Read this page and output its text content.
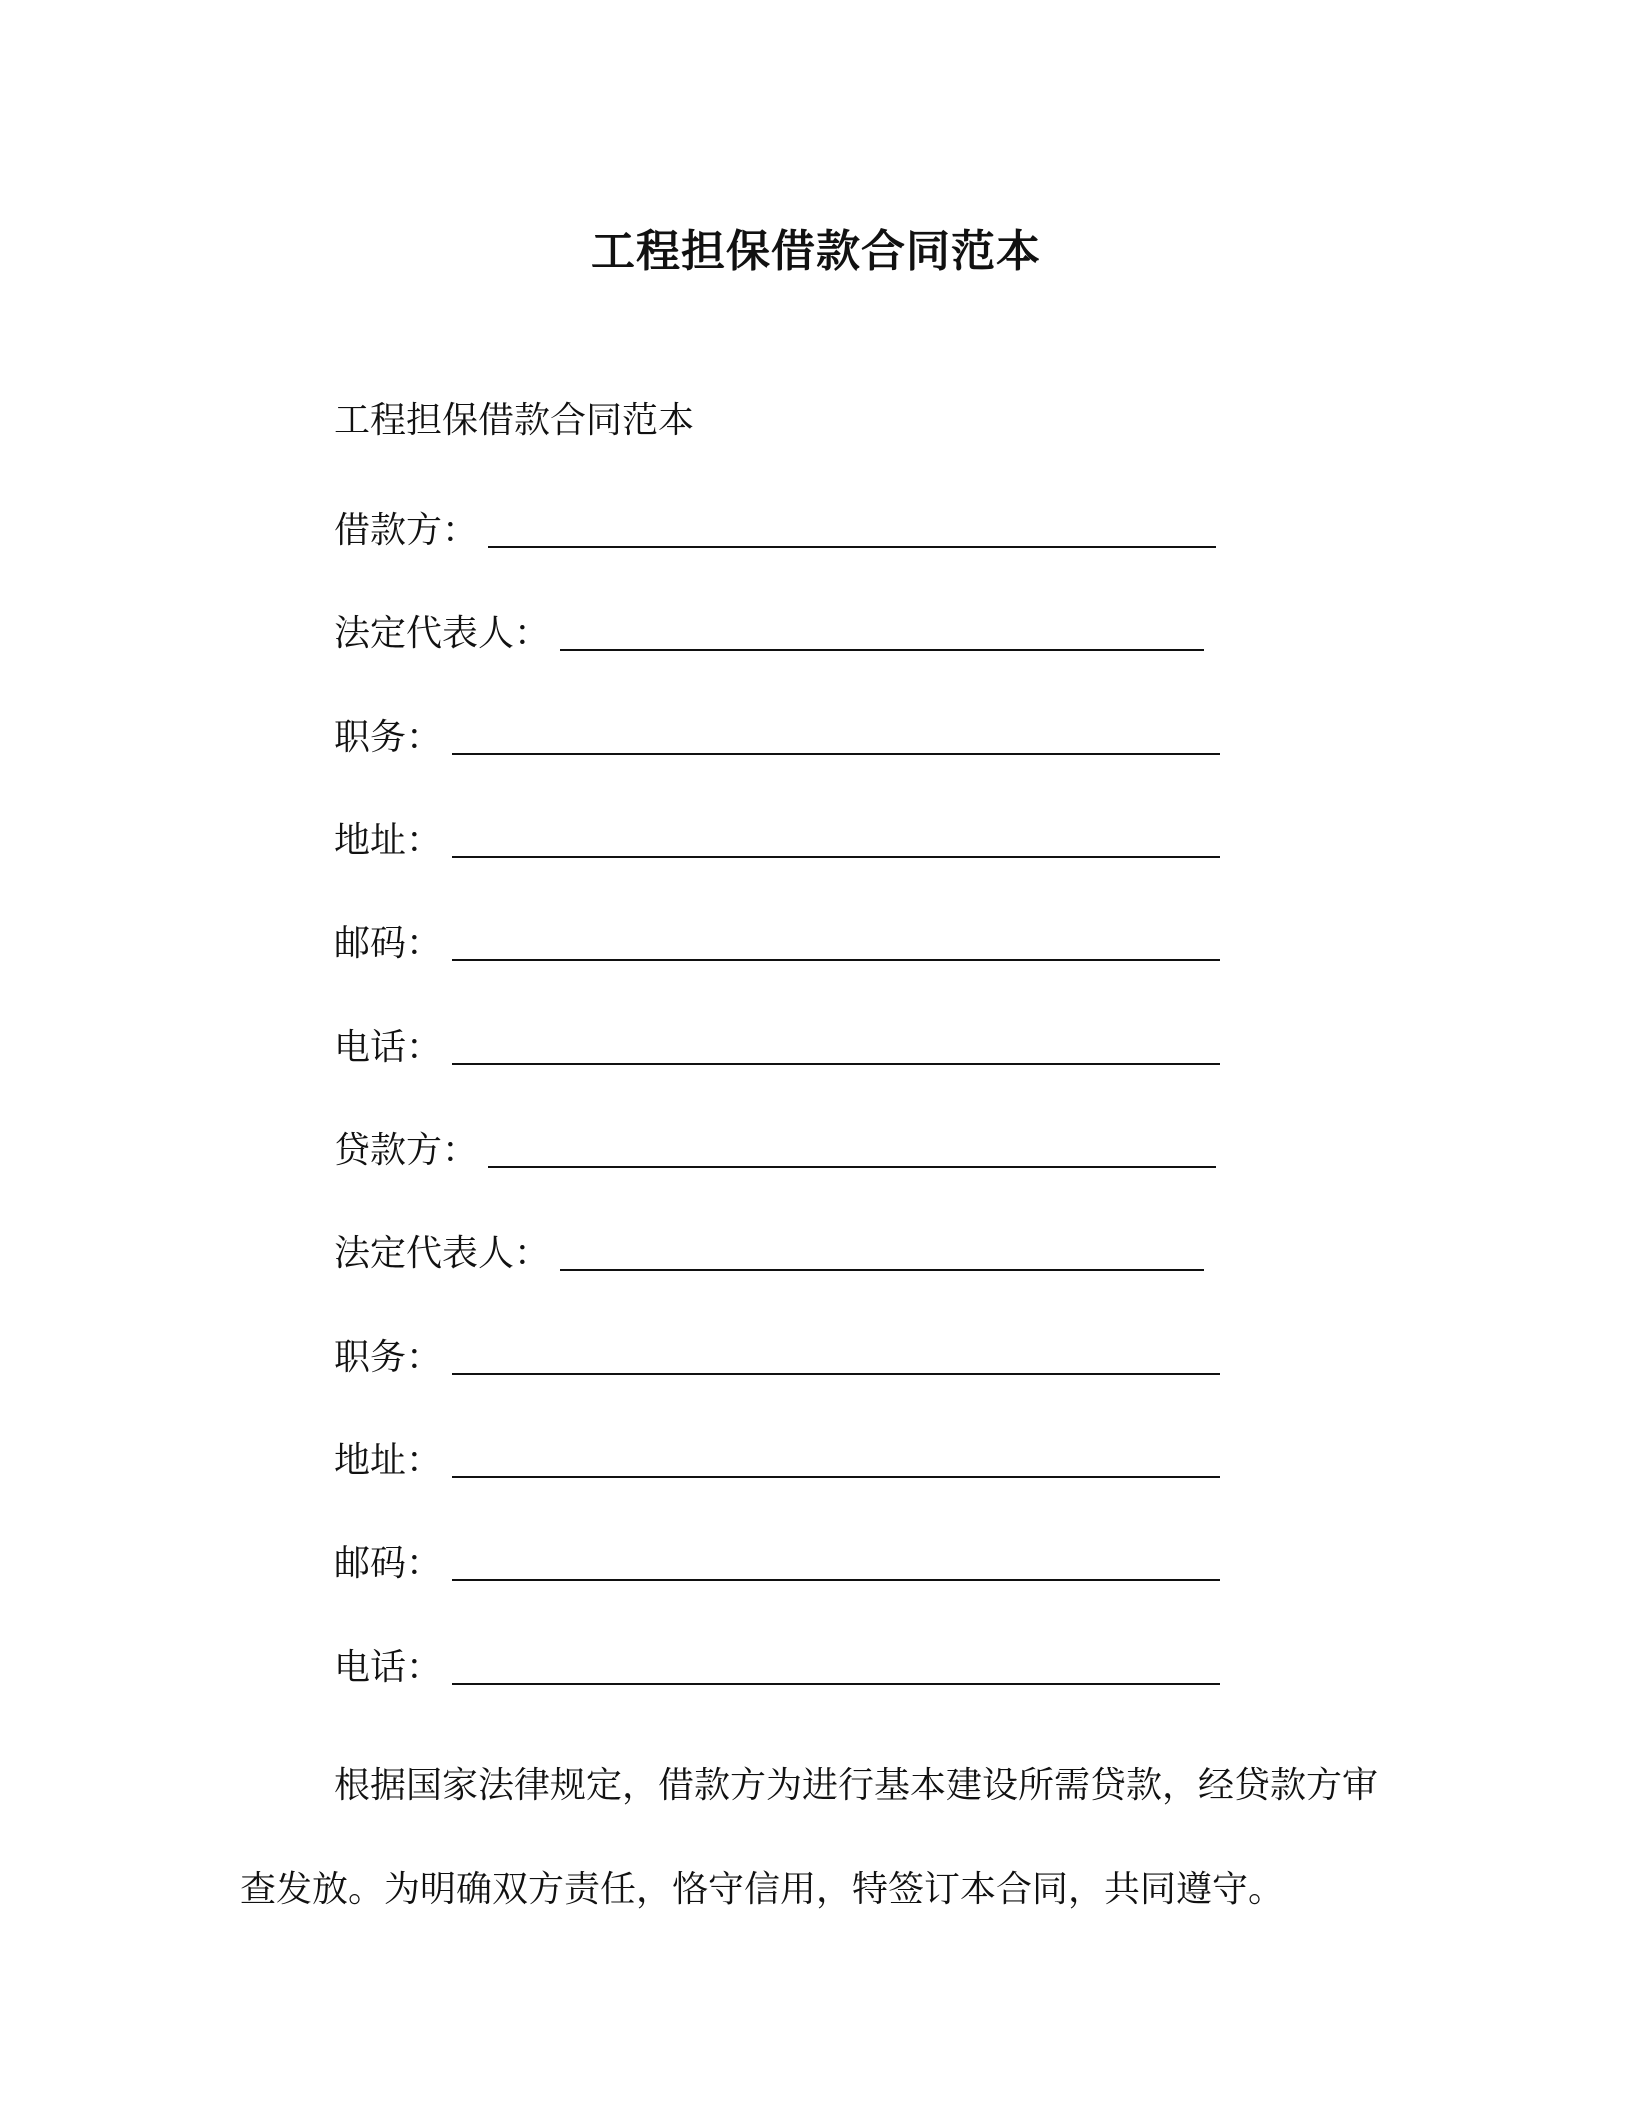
工程担保借款合同范本
工程担保借款合同范本
借款方：
法定代表人：
职务：
地址：
邮码：
电话：
贷款方：
法定代表人：
职务：
地址：
邮码：
电话：
根据国家法律规定，借款方为进行基本建设所需贷款，经贷款方审查发放。为明确双方责任，恪守信用，特签订本合同，共同遵守。
